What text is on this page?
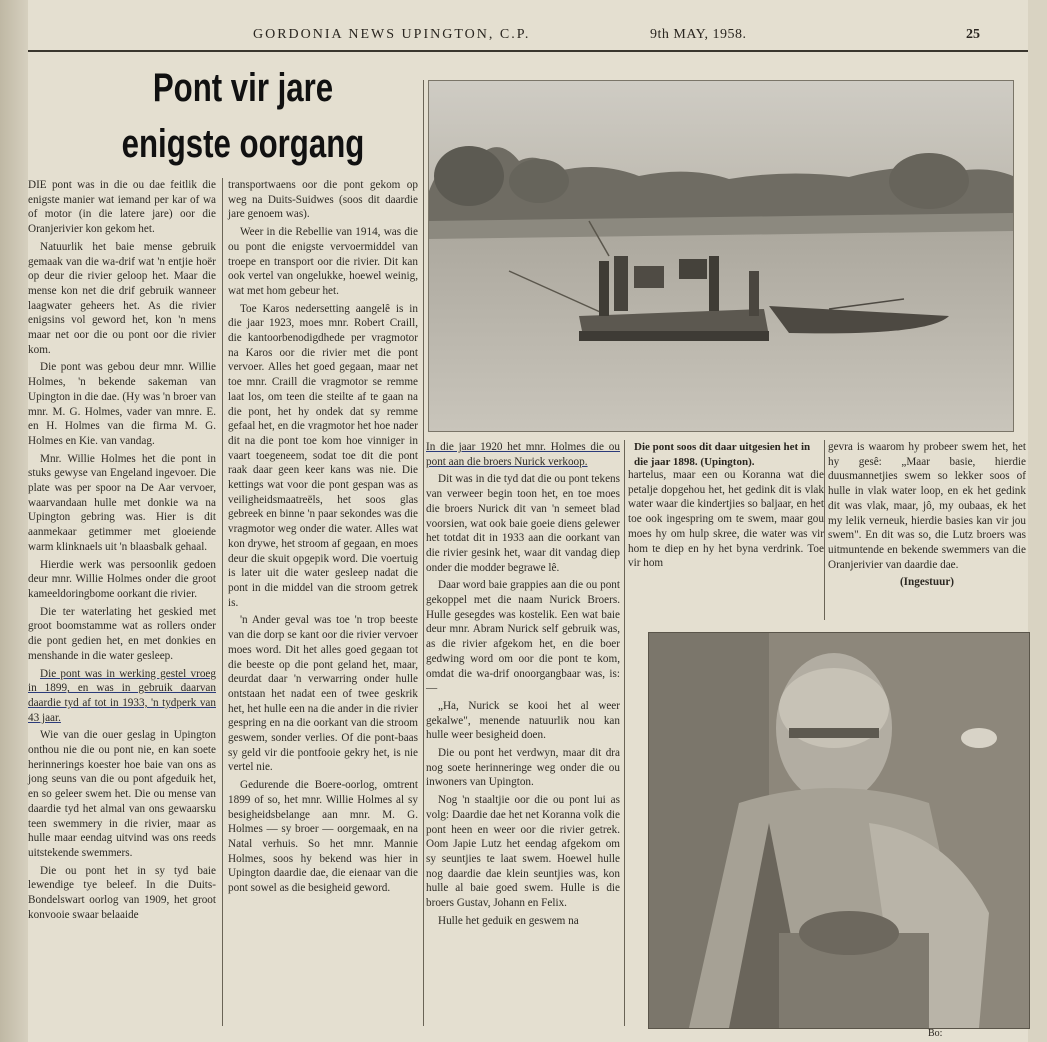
GORDONIA NEWS UPINGTON, C.P.	9th MAY, 1958.	25
Pont vir jare enigste oorgang

DIE pont was in die ou dae feitlik die enigste manier wat iemand per kar of wa of motor (in die latere jare) oor die Oranjerivier kon gekom het.

Natuurlik het baie mense gebruik gemaak van die wa-drif wat 'n entjie hoër op deur die rivier geloop het. Maar die mense kon net die drif gebruik wanneer laagwater geheers het. As die rivier enigsins vol geword het, kon 'n mens maar net oor die ou pont oor die rivier kom.

Die pont was gebou deur mnr. Willie Holmes, 'n bekende sakeman van Upington in die dae. (Hy was 'n broer van mnr. M. G. Holmes, vader van mnre. E. en H. Holmes van die firma M. G. Holmes en Kie. van vandag.

Mnr. Willie Holmes het die pont in stuks gewyse van Engeland ingevoer. Die plate was per spoor na De Aar vervoer, waarvandaan hulle met donkie wa na Upington gebring was. Hier is dit aanmekaar getimmer met gloeiende warm klinknaels uit 'n blaasbalk gehaal.

Hierdie werk was persoonlik gedoen deur mnr. Willie Holmes onder die groot kameeldoringbome oorkant die rivier.

Die ter waterlating het geskied met groot boomstamme wat as rollers onder die pont gedien het, en met donkies en menshande in die water gesleep.

Die pont was in werking gestel vroeg in 1899, en was in gebruik daarvan daardie tyd af tot in 1933, 'n tydperk van 43 jaar.

Wie van die ouer geslag in Upington onthou nie die ou pont nie, en kan soete herinnerings koester hoe baie van ons as jong seuns van die ou pont afgeduik het, en so geleer swem het. Die ou mense van daardie tyd het almal van ons gewaarsku teen swemmery in die rivier, maar as hulle maar eendag uitvind was ons reeds uitstekende swemmers.

Die ou pont het in sy tyd baie lewendige tye beleef. In die Duits-Bondelswart oorlog van 1909, het groot konvooie swaar belaaide

transportwaens oor die pont gekom op weg na Duits-Suidwes (soos dit daardie jare genoem was).

Weer in die Rebellie van 1914, was die ou pont die enigste vervoermiddel van troepe en transport oor die rivier. Dit kan ook vertel van ongelukke, hoewel weinig, wat met hom gebeur het.

Toe Karos nedersetting aangelê is in die jaar 1923, moes mnr. Robert Craill, die kantoorbenodigdhede per vragmotor na Karos oor die rivier met die pont vervoer. Alles het goed gegaan, maar net toe mnr. Craill die vragmotor se remme laat los, om teen die steilte af te gaan na die pont, het hy ondek dat sy remme gefaal het, en die vragmotor het hoe nader dit na die pont toe kom hoe vinniger in vaart toegeneem, sodat toe dit die pont raak daar geen keer kans was nie. Die kettings wat voor die pont gespan was as veiligheidsmaatreëls, het soos glas gebreek en binne 'n paar sekondes was die vragmotor weg onder die water. Alles wat kon drywe, het stroom af gegaan, en moes deur die skuit opgepik word. Die voertuig is later uit die water gesleep nadat die pont in die middel van die stroom getrek is.

'n Ander geval was toe 'n trop beeste van die dorp se kant oor die rivier vervoer moes word. Dit het alles goed gegaan tot die beeste op die pont geland het, maar, deurdat daar 'n verwarring onder hulle ontstaan het nadat een of twee geskrik het, het hulle een na die ander in die rivier gespring en na die oorkant van die stroom geswem, sonder verlies. Of die pont-baas sy geld vir die pontfooie gekry het, is nie vertel nie.

Gedurende die Boere-oorlog, omtrent 1899 of so, het mnr. Willie Holmes al sy besigheidsbelange aan mnr. M. G. Holmes — sy broer — oorgemaak, en na Natal verhuis. So het mnr. Mannie Holmes, soos hy bekend was hier in Upington daardie dae, die eienaar van die pont sowel as die besigheid geword.

In die jaar 1920 het mnr. Holmes die ou pont aan die broers Nurick verkoop.

Dit was in die tyd dat die ou pont tekens van verweer begin toon het, en toe moes die broers Nurick dit van 'n semeet blad voorsien, wat ook baie goeie diens gelewer het totdat dit in 1933 aan die oorkant van die rivier gesink het, waar dit vandag diep onder die modder begrawe lê.

Daar word baie grappies aan die ou pont gekoppel met die naam Nurick Broers. Hulle gesegdes was kostelik. Een wat baie deur mnr. Abram Nurick self gebruik was, as die rivier afgekom het, en die boer gedwing word om oor die pont te kom, omdat die wa-drif onoorgangbaar was, is:—

„Ha, Nurick se kooi het al weer gekalwe", menende natuurlik nou kan hulle weer besigheid doen.

Die ou pont het verdwyn, maar dit dra nog soete herinneringe weg onder die ou inwoners van Upington.

Nog 'n staaltjie oor die ou pont lui as volg: Daardie dae het net Koranna volk die pont heen en weer oor die rivier getrek. Oom Japie Lutz het eendag afgekom om sy seuntjies te laat swem. Hoewel hulle nog daardie dae klein seuntjies was, kon hulle al baie goed swem. Hulle is die broers Gustav, Johann en Felix.

Hulle het geduik en geswem na

Die pont soos dit daar uitgesien het in die jaar 1898. (Upington).

hartelus, maar een ou Koranna wat die petalje dopgehou het, het gedink dit is vlak water waar die kindertjies so baljaar, en het toe ook ingespring om te swem, maar gou moes hy om hulp skree, die water was vir hom te diep en hy het byna verdrink. Toe vir hom

gevra is waarom hy probeer swem het, het hy gesê: „Maar basie, hierdie duusmannetjies swem so lekker soos of hulle in vlak water loop, en ek het gedink dit was vlak, maar, jô, my oubaas, ek het my lelik verneuk, hierdie basies kan vir jou swem". En dit was so, die Lutz broers was uitmuntende en bekende swemmers van die Oranjerivier van daardie dae.

(Ingestuur)

Bo:
